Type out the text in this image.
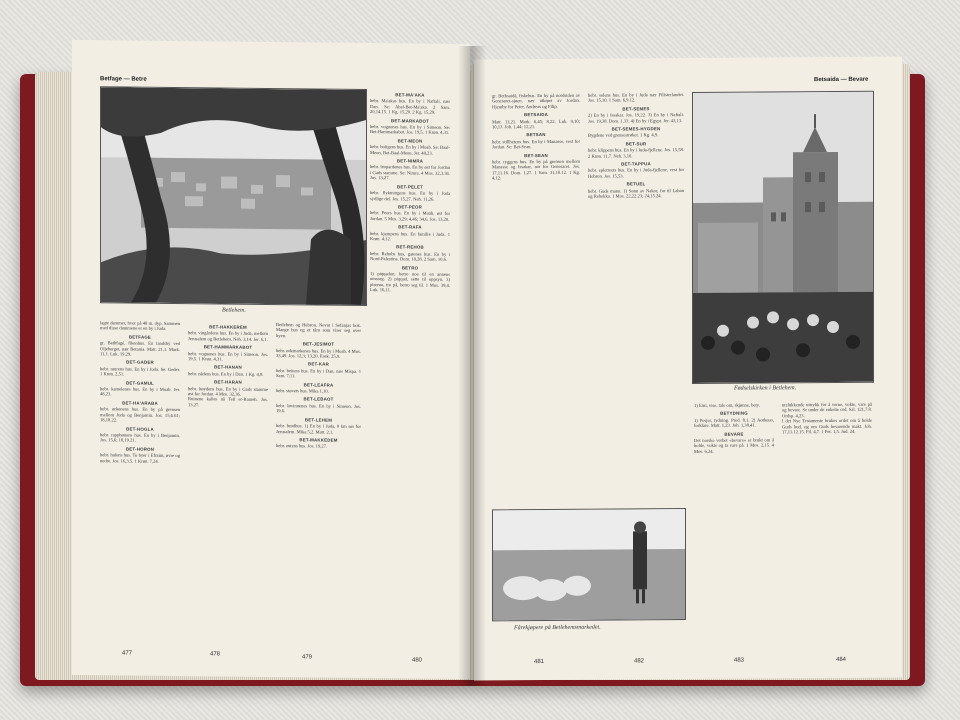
Betfage — Betre
Betlehem.
BET-MA'AKA

hebr. Ma'akas hus. En by i Naftali, nær Dan. Se: Abel-Bet-Ma'aka. 2 Sam. 20,14.15. 1 Kg. 15,20. 2 Kg. 15,29.

BET-MARKABOT

hebr. vognenes hus. En by i Simeon. Se: Bet-Hammarkabot. Jos. 19,5. 1 Krøn. 4,31.

BET-MEON

hebr. boligens hus. En by i Moab. Se: Baal-Meon, Bet-Baal-Meon. Jer. 48,23.

BET-NIMRA

hebr. leopardenes hus. En by øst for Jordan i Gads stamme. Se: Nimra. 4 Mos. 32,3.36. Jos. 13,27.

BET-PELET

hebr. flyktningens hus. En by i Juda sydlige del. Jos. 15,27. Neh. 11,26.

BET-PEOR

hebr. Peors hus. En by i Moab, øst for Jordan. 5 Mos. 3,29; 4,46; 34,6. Jos. 13,20.

BET-RAFA

hebr. kjempens hus. En familie i Juda. 1 Krøn. 4,12.

BET-REHOB

hebr. Rehobs hus, gatenes hus. En by i Nord-Palestina. Dom. 18,28. 2 Sam. 10,6.

BETRO

1) piqqadon, betro noe til en annens omsorg. 2) piqqad, sette til oppsyn. 3) pisteuo, tro på, betro seg til. 1 Mos. 39,4. Luk. 16,11.

lagte dammer, hvor på 48 m. dyp. Sammen med disse dammene er en by i Juda.

BETFAGE

gr. Bethfagé, fikenhus. En landsby ved Oljeberget, nær Betania. Matt. 21,1. Mark. 11,1. Luk. 19,29.

BET-GADER

hebr. murens hus. En by i Juda. Se: Geder. 1 Krøn. 2,51.

BET-GAMUL

hebr. kamelenes hus. En by i Moab. Jer. 48,23.

BET-HA'ARABA

hebr. ørkenens hus. En by på grensen mellom Juda og Benjamin. Jos. 15,6.61; 18,18.22.

BET-HOGLA

hebr. rapphønens hus. En by i Benjamin. Jos. 15,6; 18,19.21.

BET-HORON

hebr. hulens hus. To byer i Efraim, øvre og nedre. Jos. 16,3.5. 1 Krøn. 7,24.

BET-HAKKEREM

hebr. vingårdens hus. En by i Juda, mellom Jerusalem og Betlehem. Neh. 3,14. Jer. 6,1.

BET-HAMMARKABOT

hebr. vognenes hus. En by i Simeon. Jos. 19,5. 1 Krøn. 4,31.

BET-HANAN

hebr. nådens hus. En by i Dan. 1 Kg. 4,9.

BET-HARAN

hebr. høydens hus. En by i Gads stamme øst for Jordan. 4 Mos. 32,36.

Ruinene kalles nå Tell er-Rameh. Jos. 13,27.

Betlehem og Hebron. Nevnt i Sefanjas bok. Mange hus og et tårn som viser seg over byen.

BET-JESIMOT

hebr. ødemarkenes hus. En by i Moab. 4 Mos. 33,49. Jos. 12,3; 13,20. Esek. 25,9.

BET-KAR

hebr. beitens hus. En by i Dan, nær Mispa. 1 Sam. 7,11.

BET-LEAFRA

hebr. støvets hus. Mika 1,10.

BET-LEBAOT

hebr. løvinnenes hus. En by i Simeon. Jos. 19,6.

BET-LEHEM

hebr. brødhus. 1) En by i Juda, 9 km sør for Jerusalem. Mika 5,2. Matt. 2,1.

BET-MAKKEDEM

hebr. østens hus. Jos. 19,27.

477	478	479
480
Betsaida — Bevare
Fødselskirken i Betlehem.
Fårekjøpere på Betlehemsmarkedet.

gr. Bethsaidá, fiskehus. En by på nordsiden av Genesaret-sjøen, nær utløpet av Jordan. Hjemby for Peter, Andreas og Filip.

BETSAIDA

Matt. 11,21. Mark. 6,45; 8,22. Luk. 9,10; 10,13. Joh. 1,44; 12,21.

BETSAN

hebr. stillhetens hus. En by i Manasse, vest for Jordan. Se: Bet-Sean.

BET-SEAN

hebr. ryggens hus. En by på grensen mellom Manasse og Issakar, sør for Genesaret. Jos. 17,11.16. Dom. 1,27. 1 Sam. 31,10.12. 1 Kg. 4,12.

hebr. solens hus. En by i Juda nær Filisterlandet. Jos. 15,10. 1 Sam. 6,9.12.

BET-SEMES

2) En by i Issakar. Jos. 19,22. 3) En by i Naftali. Jos. 19,38. Dom. 1,33. 4) En by i Egypt. Jer. 43,13.

BET-SEMES-HYGDEN

Bygdene ved grensestrøket. 1 Kg. 4,9.

BET-SUR

hebr. klippens hus. En by i Juda-fjellene. Jos. 15,58. 2 Krøn. 11,7. Neh. 3,16.

BET-TAPPUA

hebr. epletreets hus. En by i Juda-fjellene, vest for Hebron. Jos. 15,53.

BETUEL

hebr. Guds mann. 1) Sønn av Nakor, far til Laban og Rebekka. 1 Mos. 22,22.23; 24,15.24.

1) Emi, vise, tale om, skjønne, bety.

BETYDNING

1) Pesjer, tydning. Pred. 8,1. 2) Aotheuo, forklare. Matt. 1,23. Joh. 1,38.41.

BEVARE

Det norske verbet «bevare» er brukt om å holde, vokte og ta vare på. 1 Mos. 2,15. 4 Mos. 6,24.

utelukkende uttrykk for å verne, vokte, vare på og bevare. Se under de enkelte ord. Sal. 121,7.8. Ordsp. 4,23.

I det Nye Testamente brukes ordet om å holde Guds bud, og om Guds bevarende makt. Joh. 17,11.12.15. Fil. 4,7. 1 Pet. 1,5. Jud. 24.

481	482	483	484
